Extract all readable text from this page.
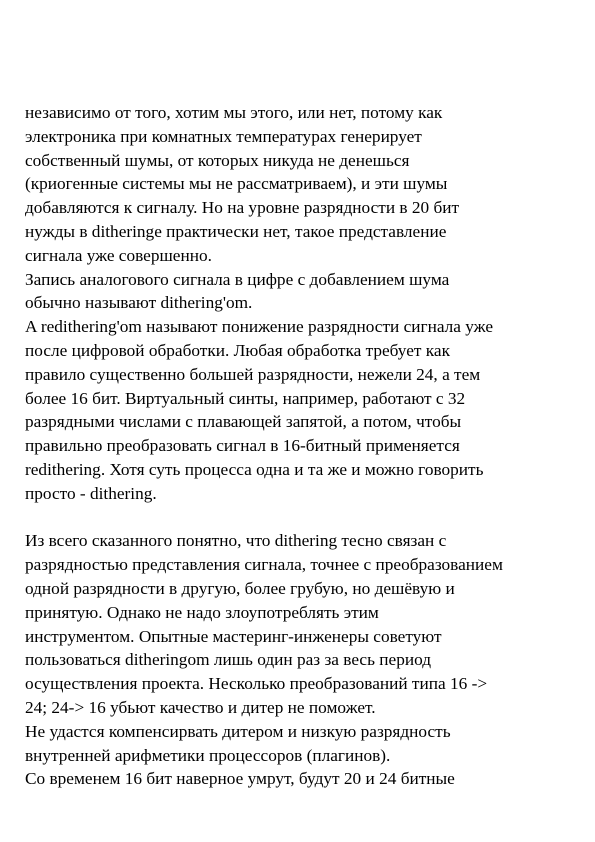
независимо от того, хотим мы этого, или нет, потому как
электроника при комнатных температурах генерирует
собственный шумы, от которых никуда не денешься
(криогенные системы мы не рассматриваем), и эти шумы
добавляются к сигналу. Но на уровне разрядности в 20 бит
нужды в ditheringe практически нет, такое представление
сигнала уже совершенно.
Запись аналогового сигнала в цифре с добавлением шума
обычно называют dithering'om.
A redithering'om называют понижение разрядности сигнала уже
после цифровой обработки. Любая обработка требует как
правило существенно большей разрядности, нежели 24, а тем
более 16 бит. Виртуальный синты, например, работают с 32
разрядными числами с плавающей запятой, а потом, чтобы
правильно преобразовать сигнал в 16-битный применяется
redithering. Хотя суть процесса одна и та же и можно говорить
просто - dithering.
Из всего сказанного понятно, что dithering тесно связан с
разрядностью представления сигнала, точнее с преобразованием
одной разрядности в другую, более грубую, но дешёвую и
принятую. Однако не надо злоупотреблять этим
инструментом. Опытные мастеринг-инженеры советуют
пользоваться ditheringom лишь один раз за весь период
осуществления проекта. Несколько преобразований типа 16 ->
24; 24-> 16 убьют качество и дитер не поможет.
Не удастся компенсирвать дитером и низкую разрядность
внутренней арифметики процессоров (плагинов).
Со временем 16 бит наверное умрут, будут 20 и 24 битные
